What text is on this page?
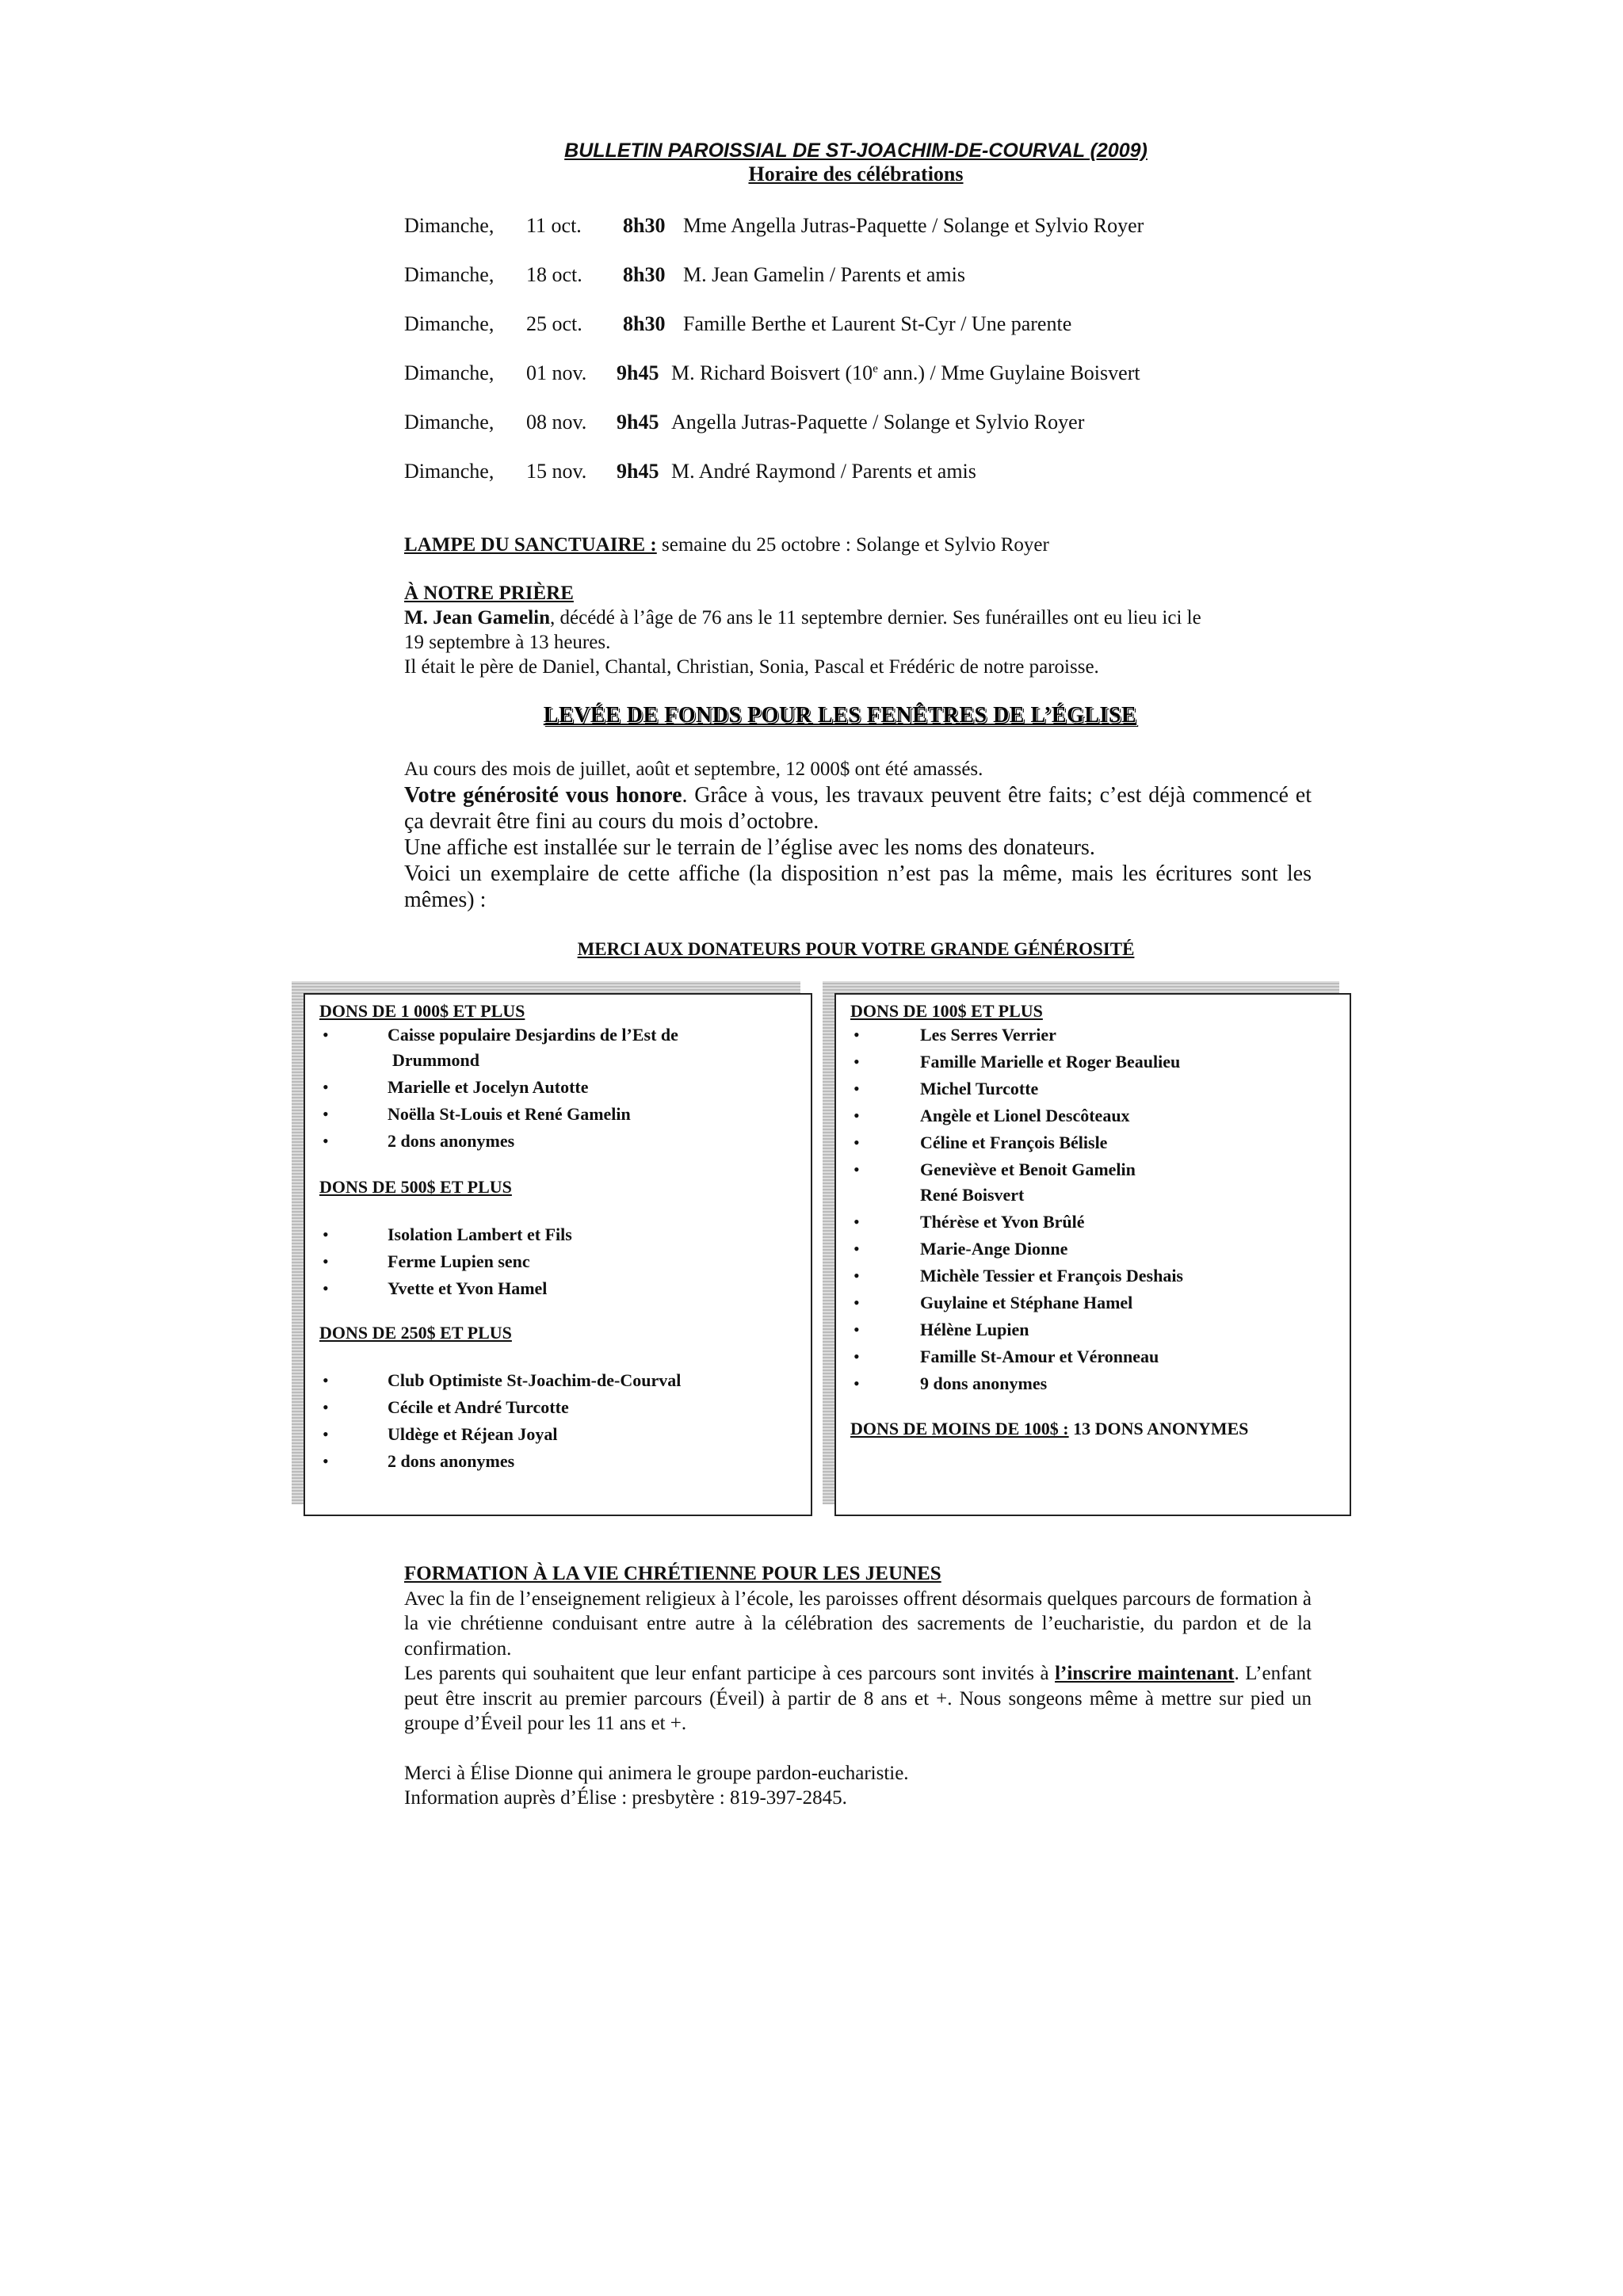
BULLETIN PAROISSIAL DE ST-JOACHIM-DE-COURVAL (2009)
Horaire des célébrations
Dimanche, 11 oct. 8h30 Mme Angella Jutras-Paquette / Solange et Sylvio Royer
Dimanche, 18 oct. 8h30 M. Jean Gamelin / Parents et amis
Dimanche, 25 oct. 8h30 Famille Berthe et Laurent St-Cyr / Une parente
Dimanche, 01 nov. 9h45 M. Richard Boisvert (10e ann.) / Mme Guylaine Boisvert
Dimanche, 08 nov. 9h45 Angella Jutras-Paquette / Solange et Sylvio Royer
Dimanche, 15 nov. 9h45 M. André Raymond / Parents et amis
LAMPE DU SANCTUAIRE : semaine du 25 octobre : Solange et Sylvio Royer
À NOTRE PRIÈRE
M. Jean Gamelin, décédé à l’âge de 76 ans le 11 septembre dernier. Ses funérailles ont eu lieu ici le
19 septembre à 13 heures.
Il était le père de Daniel, Chantal, Christian, Sonia, Pascal et Frédéric de notre paroisse.
LEVÉE DE FONDS POUR LES FENÊTRES DE L’ÉGLISE
Au cours des mois de juillet, août et septembre, 12 000$ ont été amassés.
Votre générosité vous honore. Grâce à vous, les travaux peuvent être faits; c’est déjà commencé et ça devrait être fini au cours du mois d’octobre.
Une affiche est installée sur le terrain de l’église avec les noms des donateurs.
Voici un exemplaire de cette affiche (la disposition n’est pas la même, mais les écritures sont les mêmes) :
MERCI AUX DONATEURS POUR VOTRE GRANDE GÉNÉROSITÉ
DONS DE 1 000$ ET PLUS
•	Caisse populaire Desjardins de l’Est de
Drummond
•	Marielle et Jocelyn Autotte
•	Noëlla St-Louis et René Gamelin
•	2 dons anonymes
DONS DE 500$ ET PLUS
•	Isolation Lambert et Fils
•	Ferme Lupien senc
•	Yvette et Yvon Hamel
DONS DE 250$ ET PLUS
•	Club Optimiste St-Joachim-de-Courval
•	Cécile et André Turcotte
•	Uldège et Réjean Joyal
•	2 dons anonymes
DONS DE 100$ ET PLUS
•	Les Serres Verrier
•	Famille Marielle et Roger Beaulieu
•	Michel Turcotte
•	Angèle et Lionel Descôteaux
•	Céline et François Bélisle
•	Geneviève et Benoit Gamelin
René Boisvert
•	Thérèse et Yvon Brûlé
•	Marie-Ange Dionne
•	Michèle Tessier et François Deshais
•	Guylaine et Stéphane Hamel
•	Hélène Lupien
•	Famille St-Amour et Véronneau
•	9 dons anonymes
DONS DE MOINS DE 100$ : 13 DONS ANONYMES
FORMATION À LA VIE CHRÉTIENNE POUR LES JEUNES
Avec la fin de l’enseignement religieux à l’école, les paroisses offrent désormais quelques parcours de formation à la vie chrétienne conduisant entre autre à la célébration des sacrements de l’eucharistie, du pardon et de la confirmation.
Les parents qui souhaitent que leur enfant participe à ces parcours sont invités à l’inscrire maintenant. L’enfant peut être inscrit au premier parcours (Éveil) à partir de 8 ans et +. Nous songeons même à mettre sur pied un groupe d’Éveil pour les 11 ans et +.
Merci à Élise Dionne qui animera le groupe pardon-eucharistie.
Information auprès d’Élise : presbytère : 819-397-2845.
